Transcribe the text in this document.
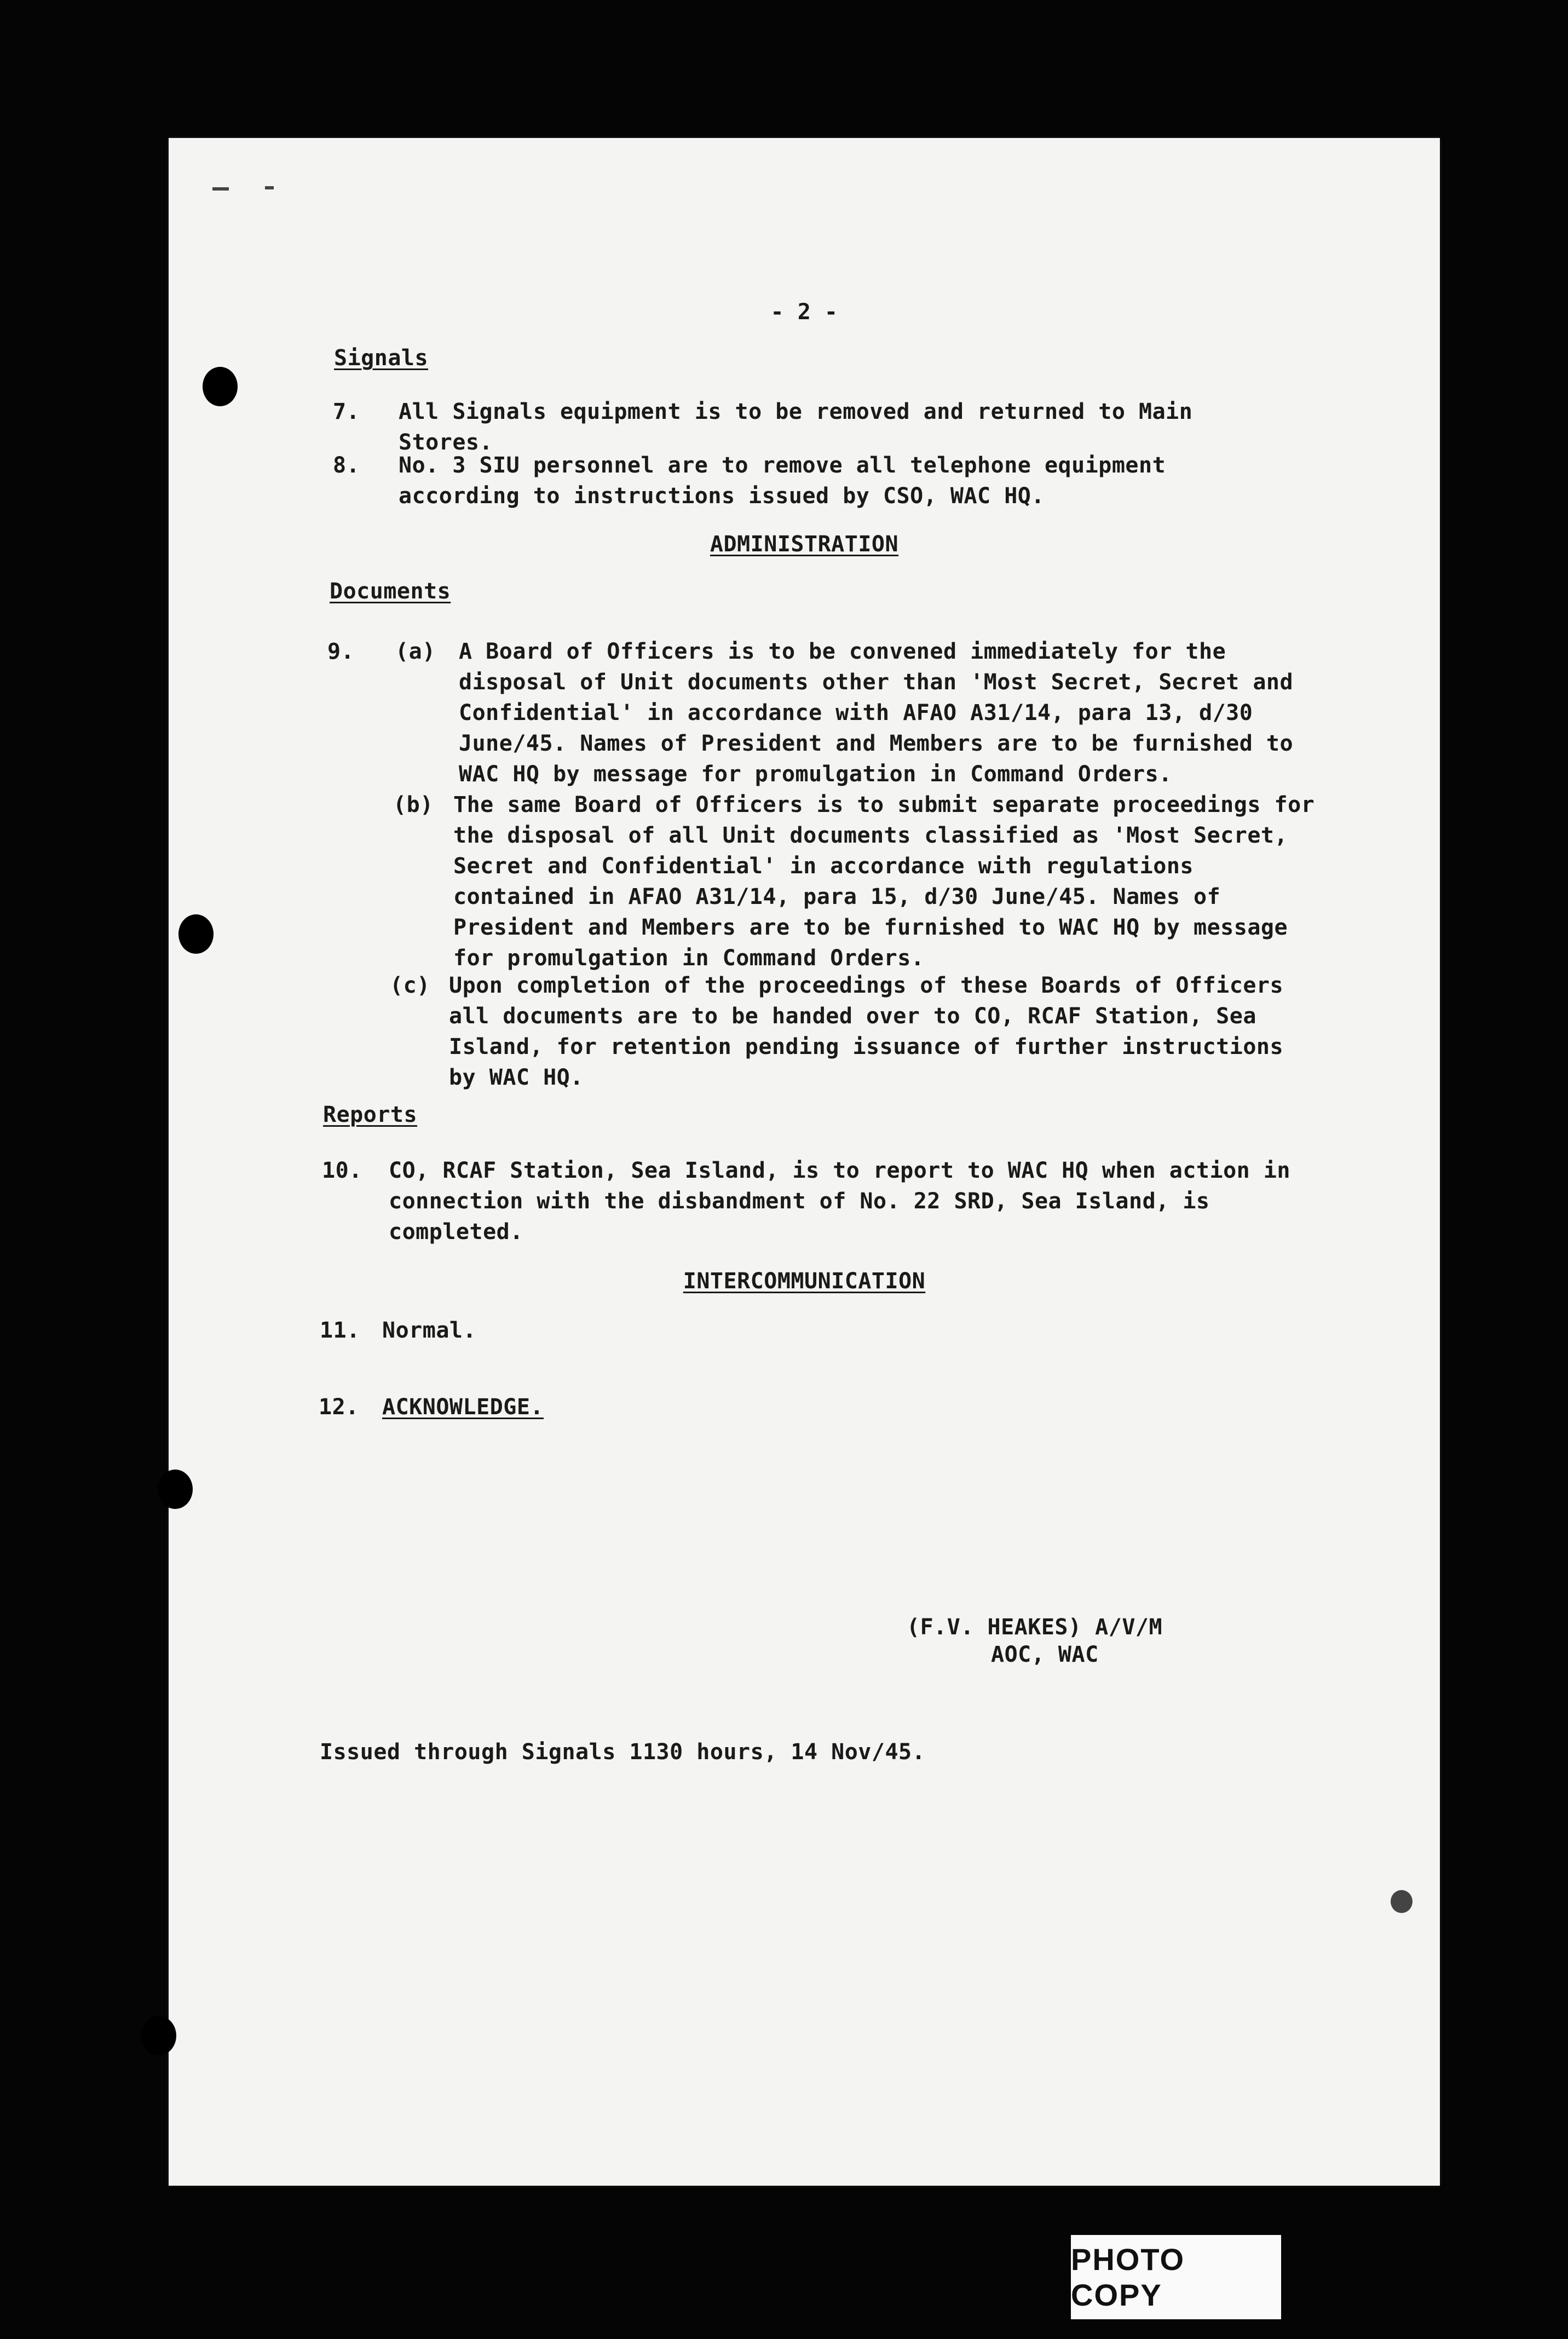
- 2 -
Signals
7. All Signals equipment is to be removed and returned to Main Stores.
8. No. 3 SIU personnel are to remove all telephone equipment according to instructions issued by CSO, WAC HQ.
ADMINISTRATION
Documents
9. (a) A Board of Officers is to be convened immediately for the disposal of Unit documents other than 'Most Secret, Secret and Confidential' in accordance with AFAO A31/14, para 13, d/30 June/45. Names of President and Members are to be furnished to WAC HQ by message for promulgation in Command Orders.
(b) The same Board of Officers is to submit separate proceedings for the disposal of all Unit documents classified as 'Most Secret, Secret and Confidential' in accordance with regulations contained in AFAO A31/14, para 15, d/30 June/45. Names of President and Members are to be furnished to WAC HQ by message for promulgation in Command Orders.
(c) Upon completion of the proceedings of these Boards of Officers all documents are to be handed over to CO, RCAF Station, Sea Island, for retention pending issuance of further instructions by WAC HQ.
Reports
10. CO, RCAF Station, Sea Island, is to report to WAC HQ when action in connection with the disbandment of No. 22 SRD, Sea Island, is completed.
INTERCOMMUNICATION
11. Normal.
12. ACKNOWLEDGE.
(F.V. HEAKES) A/V/M
AOC, WAC
Issued through Signals 1130 hours, 14 Nov/45.
PHOTO COPY
